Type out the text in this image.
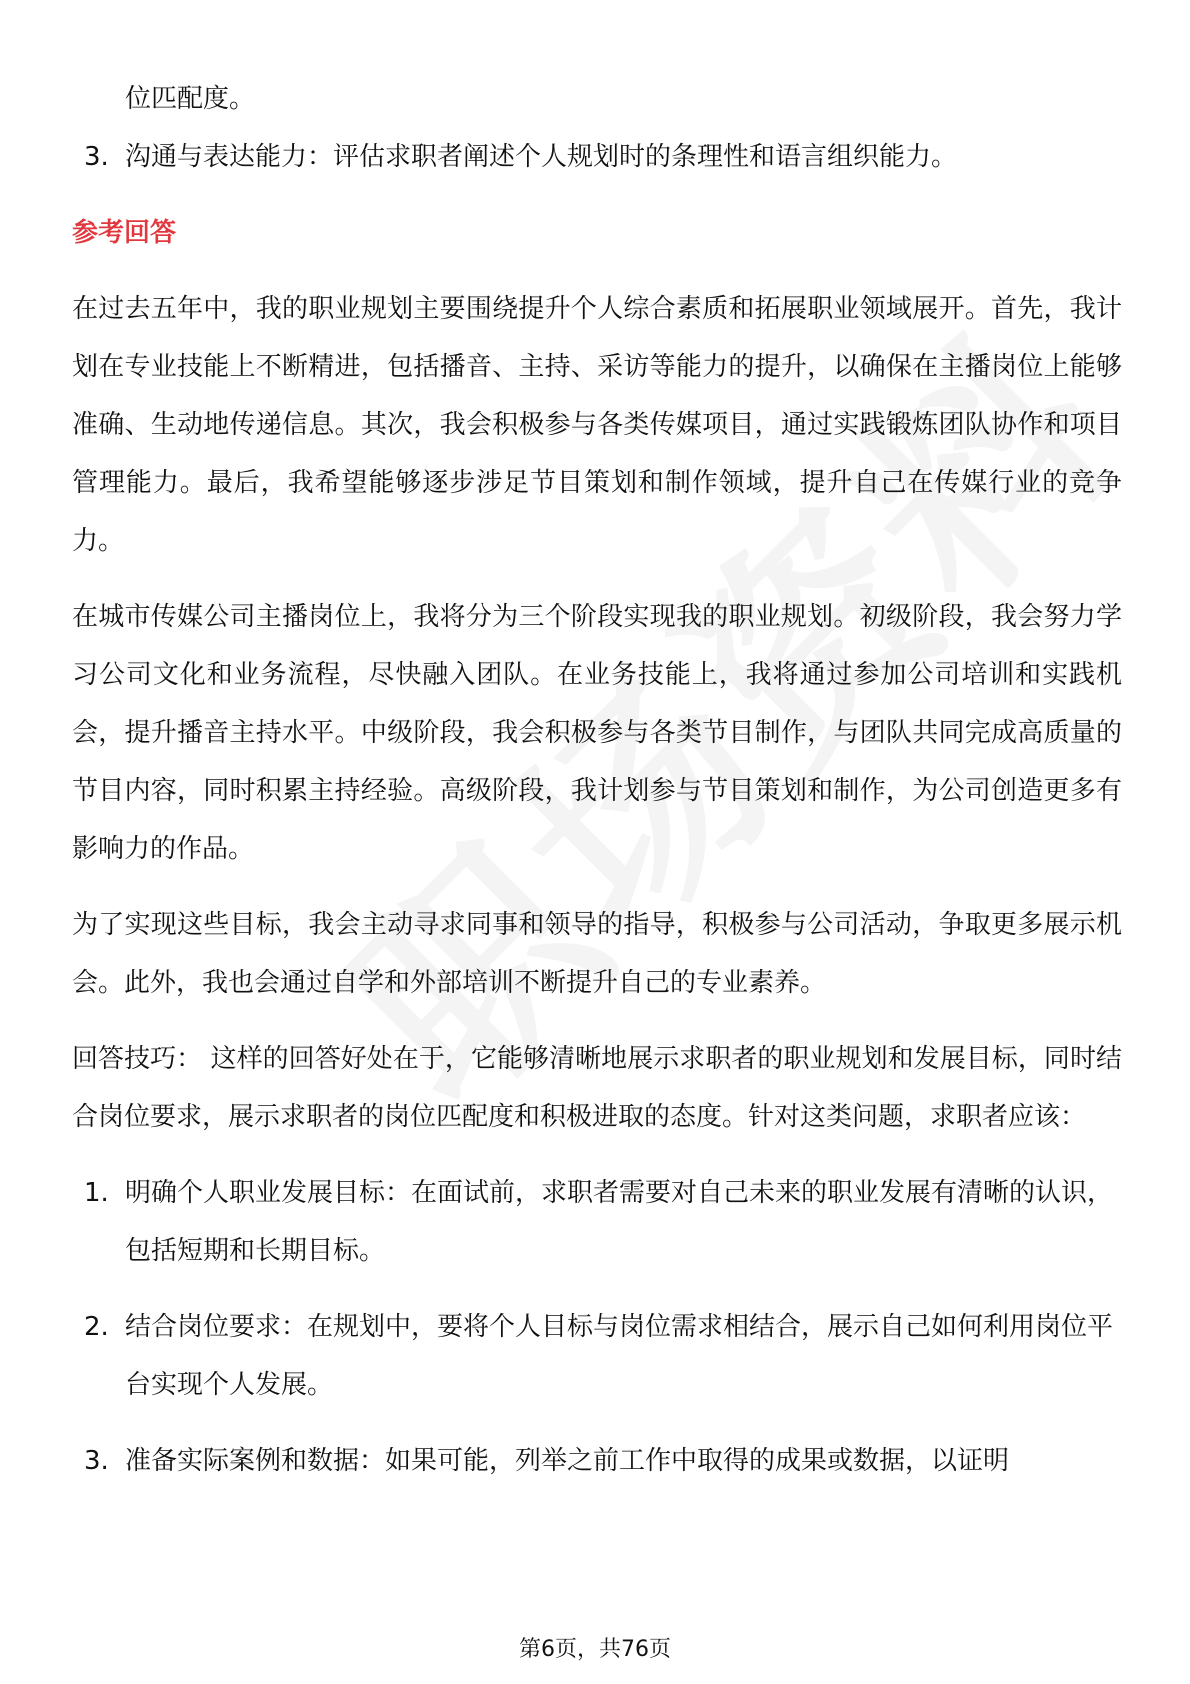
位匹配度。
3. 沟通与表达能力：评估求职者阐述个人规划时的条理性和语言组织能力。
参考回答
在过去五年中，我的职业规划主要围绕提升个人综合素质和拓展职业领域展开。首先，我计划在专业技能上不断精进，包括播音、主持、采访等能力的提升，以确保在主播岗位上能够准确、生动地传递信息。其次，我会积极参与各类传媒项目，通过实践锻炼团队协作和项目管理能力。最后，我希望能够逐步涉足节目策划和制作领域，提升自己在传媒行业的竞争力。
在城市传媒公司主播岗位上，我将分为三个阶段实现我的职业规划。初级阶段，我会努力学习公司文化和业务流程，尽快融入团队。在业务技能上，我将通过参加公司培训和实践机会，提升播音主持水平。中级阶段，我会积极参与各类节目制作，与团队共同完成高质量的节目内容，同时积累主持经验。高级阶段，我计划参与节目策划和制作，为公司创造更多有影响力的作品。
为了实现这些目标，我会主动寻求同事和领导的指导，积极参与公司活动，争取更多展示机会。此外，我也会通过自学和外部培训不断提升自己的专业素养。
回答技巧： 这样的回答好处在于，它能够清晰地展示求职者的职业规划和发展目标，同时结合岗位要求，展示求职者的岗位匹配度和积极进取的态度。针对这类问题，求职者应该：
1. 明确个人职业发展目标：在面试前，求职者需要对自己未来的职业发展有清晰的认识，包括短期和长期目标。
2. 结合岗位要求：在规划中，要将个人目标与岗位需求相结合，展示自己如何利用岗位平台实现个人发展。
3. 准备实际案例和数据：如果可能，列举之前工作中取得的成果或数据，以证明
第6页，共76页
